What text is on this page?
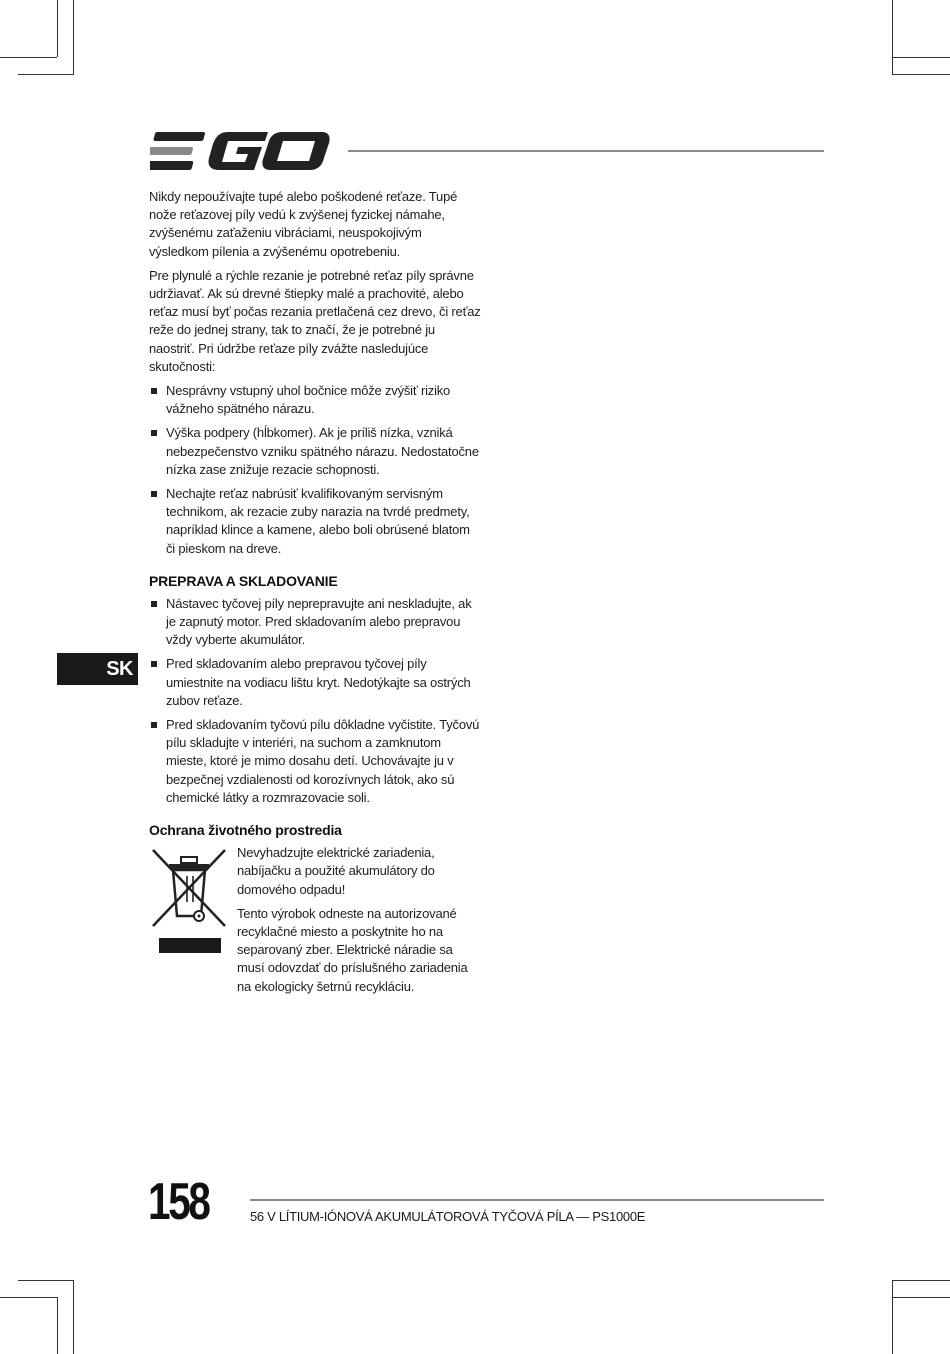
Nikdy nepoužívajte tupé alebo poškodené reťaze. Tupé nože reťazovej píly vedú k zvýšenej fyzickej námahe, zvýšenému zaťaženiu vibráciami, neuspokojivým výsledkom pílenia a zvýšenému opotrebeniu.

Pre plynulé a rýchle rezanie je potrebné reťaz píly správne udržiavať. Ak sú drevné štiepky malé a prachovité, alebo reťaz musí byť počas rezania pretlačená cez drevo, či reťaz reže do jednej strany, tak to značí, že je potrebné ju naostriť. Pri údržbe reťaze píly zvážte nasledujúce skutočnosti:

Nesprávny vstupný uhol bočnice môže zvýšiť riziko vážneho spätného nárazu.
Výška podpery (hĺbkomer). Ak je príliš nízka, vzniká nebezpečenstvo vzniku spätného nárazu. Nedostatočne nízka zase znižuje rezacie schopnosti.
Nechajte reťaz nabrúsiť kvalifikovaným servisným technikom, ak rezacie zuby narazia na tvrdé predmety, napríklad klince a kamene, alebo boli obrúsené blatom či pieskom na dreve.
PREPRAVA A SKLADOVANIE
Nástavec tyčovej píly neprepravujte ani neskladujte, ak je zapnutý motor. Pred skladovaním alebo prepravou vždy vyberte akumulátor.
Pred skladovaním alebo prepravou tyčovej píly umiestnite na vodiacu lištu kryt. Nedotýkajte sa ostrých zubov reťaze.
Pred skladovaním tyčovú pílu dôkladne vyčistite. Tyčovú pílu skladujte v interiéri, na suchom a zamknutom mieste, ktoré je mimo dosahu detí. Uchovávajte ju v bezpečnej vzdialenosti od korozívnych látok, ako sú chemické látky a rozmrazovacie soli.
Ochrana životného prostredia

Nevyhadzujte elektrické zariadenia, nabíjačku a použité akumulátory do domového odpadu!

Tento výrobok odneste na autorizované recyklačné miesto a poskytnite ho na separovaný zber. Elektrické náradie sa musí odovzdať do príslušného zariadenia na ekologicky šetrnú recykláciu.

SK
158	56 V LÍTIUM-IÓNOVÁ AKUMULÁTOROVÁ TYČOVÁ PÍLA — PS1000E
